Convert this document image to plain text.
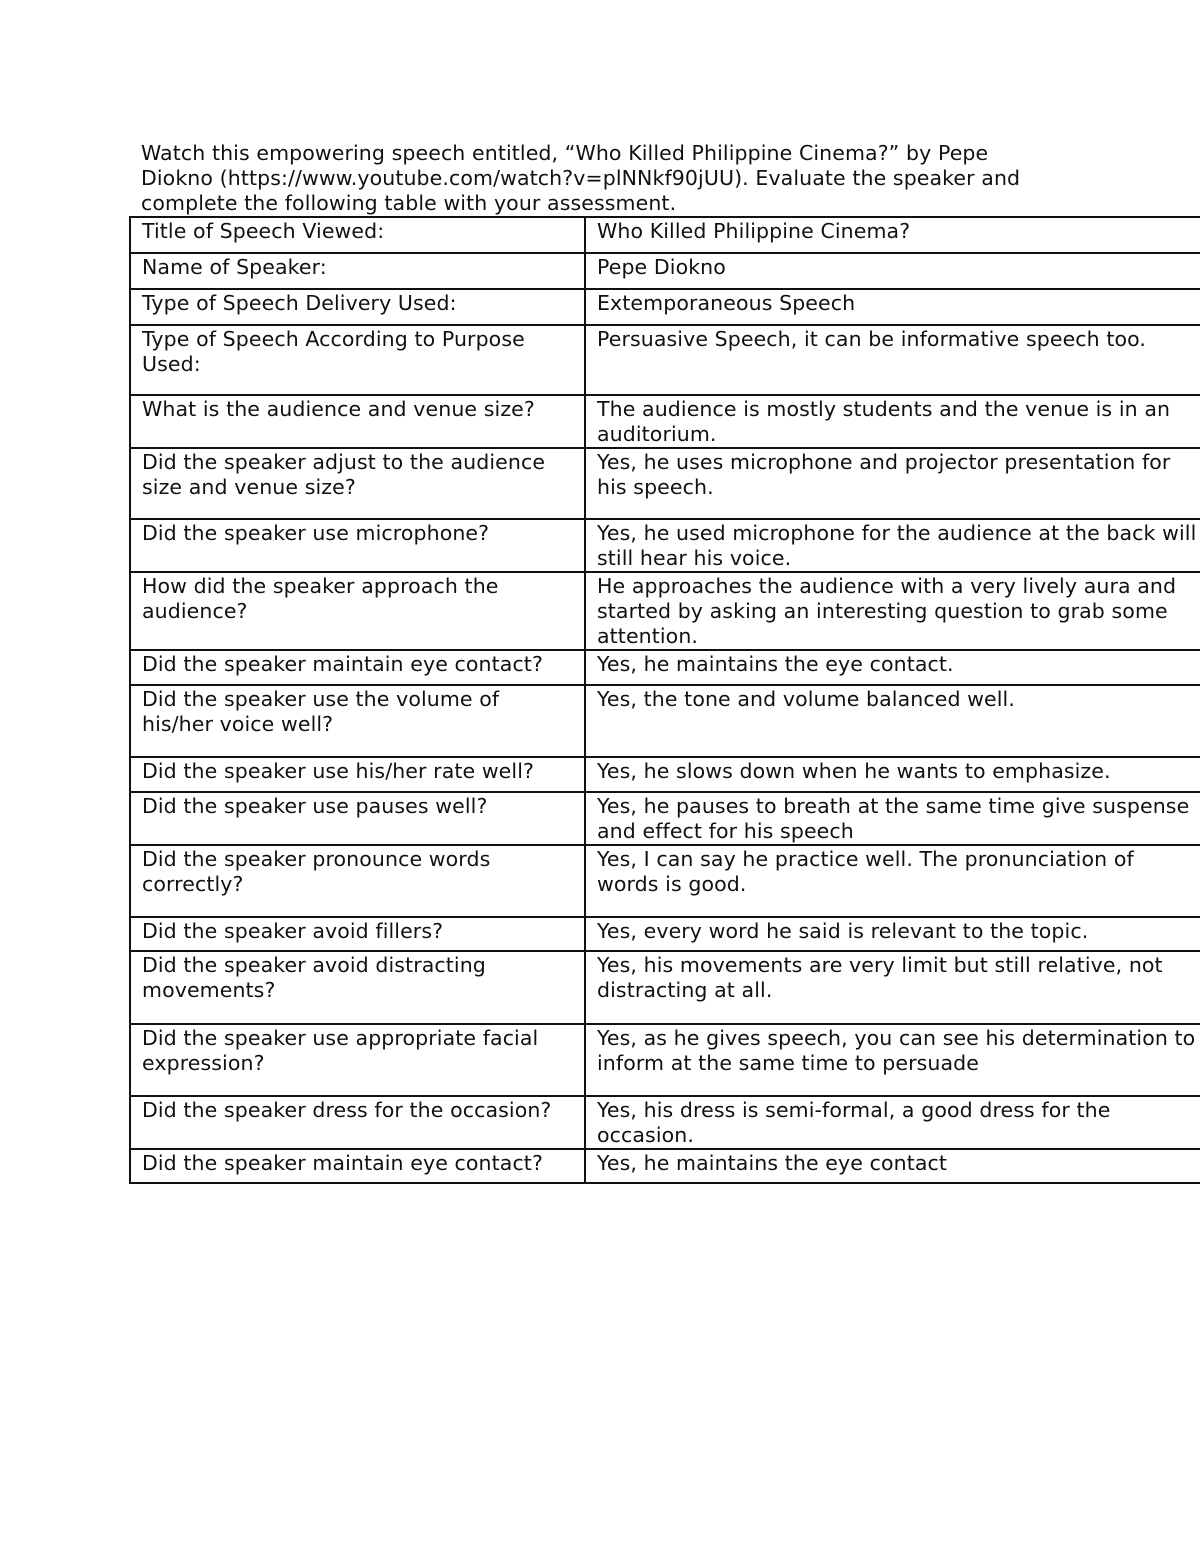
Watch this empowering speech entitled, “Who Killed Philippine Cinema?” by Pepe
Diokno (https://www.youtube.com/watch?v=plNNkf90jUU). Evaluate the speaker and
complete the following table with your assessment.

Title of Speech Viewed:	Who Killed Philippine Cinema?
Name of Speaker:	Pepe Diokno
Type of Speech Delivery Used:	Extemporaneous Speech
Type of Speech According to Purpose Used:	Persuasive Speech, it can be informative speech too.
What is the audience and venue size?	The audience is mostly students and the venue is in an auditorium.
Did the speaker adjust to the audience size and venue size?	Yes, he uses microphone and projector presentation for his speech.
Did the speaker use microphone?	Yes, he used microphone for the audience at the back will still hear his voice.
How did the speaker approach the audience?	He approaches the audience with a very lively aura and started by asking an interesting question to grab some attention.
Did the speaker maintain eye contact?	Yes, he maintains the eye contact.
Did the speaker use the volume of his/her voice well?	Yes, the tone and volume balanced well.
Did the speaker use his/her rate well?	Yes, he slows down when he wants to emphasize.
Did the speaker use pauses well?	Yes, he pauses to breath at the same time give suspense and effect for his speech
Did the speaker pronounce words correctly?	Yes, I can say he practice well. The pronunciation of words is good.
Did the speaker avoid fillers?	Yes, every word he said is relevant to the topic.
Did the speaker avoid distracting movements?	Yes, his movements are very limit but still relative, not distracting at all.
Did the speaker use appropriate facial expression?	Yes, as he gives speech, you can see his determination to inform at the same time to persuade
Did the speaker dress for the occasion?	Yes, his dress is semi-formal, a good dress for the occasion.
Did the speaker maintain eye contact?	Yes, he maintains the eye contact
